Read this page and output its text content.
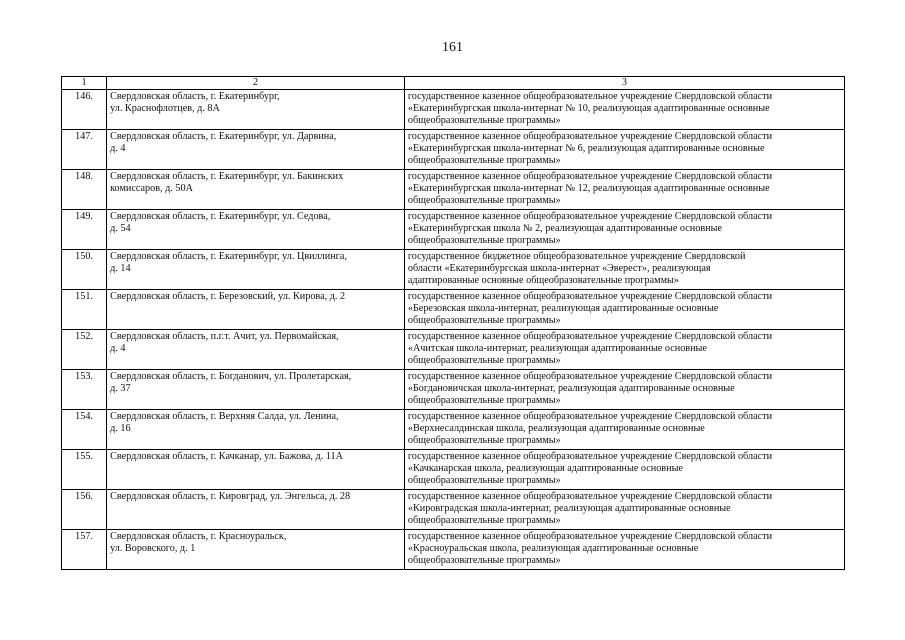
161
1	2	3
146.	Свердловская область, г. Екатеринбург,
ул. Краснофлотцев, д. 8А	государственное казенное общеобразовательное учреждение Свердловской области
«Екатеринбургская школа-интернат № 10, реализующая адаптированные основные
общеобразовательные программы»

147.	Свердловская область, г. Екатеринбург, ул. Дарвина,
д. 4	государственное казенное общеобразовательное учреждение Свердловской области
«Екатеринбургская школа-интернат № 6, реализующая адаптированные основные
общеобразовательные программы»

148.	Свердловская область, г. Екатеринбург, ул. Бакинских
комиссаров, д. 50А	государственное казенное общеобразовательное учреждение Свердловской области
«Екатеринбургская школа-интернат № 12, реализующая адаптированные основные
общеобразовательные программы»

149.	Свердловская область, г. Екатеринбург, ул. Седова,
д. 54	государственное казенное общеобразовательное учреждение Свердловской области
«Екатеринбургская школа № 2, реализующая адаптированные основные
общеобразовательные программы»

150.	Свердловская область, г. Екатеринбург, ул. Цвиллинга,
д. 14	государственное бюджетное общеобразовательное учреждение Свердловской
области «Екатеринбургская школа-интернат «Эверест», реализующая
адаптированные основные общеобразовательные программы»

151.	Свердловская область, г. Березовский, ул. Кирова, д. 2	государственное казенное общеобразовательное учреждение Свердловской области
«Березовская школа-интернат, реализующая адаптированные основные
общеобразовательные программы»

152.	Свердловская область, п.г.т. Ачит, ул. Первомайская,
д. 4	государственное казенное общеобразовательное учреждение Свердловской области
«Ачитская школа-интернат, реализующая адаптированные основные
общеобразовательные программы»

153.	Свердловская область, г. Богданович, ул. Пролетарская,
д. 37	государственное казенное общеобразовательное учреждение Свердловской области
«Богдановичская школа-интернат, реализующая адаптированные основные
общеобразовательные программы»

154.	Свердловская область, г. Верхняя Салда, ул. Ленина,
д. 16	государственное казенное общеобразовательное учреждение Свердловской области
«Верхнесалдинская школа, реализующая адаптированные основные
общеобразовательные программы»

155.	Свердловская область, г. Качканар, ул. Бажова, д. 11А	государственное казенное общеобразовательное учреждение Свердловской области
«Качканарская школа, реализующая адаптированные основные
общеобразовательные программы»

156.	Свердловская область, г. Кировград, ул. Энгельса, д. 28	государственное казенное общеобразовательное учреждение Свердловской области
«Кировградская школа-интернат, реализующая адаптированные основные
общеобразовательные программы»

157.	Свердловская область, г. Красноуральск,
ул. Воровского, д. 1	государственное казенное общеобразовательное учреждение Свердловской области
«Красноуральская школа, реализующая адаптированные основные
общеобразовательные программы»
